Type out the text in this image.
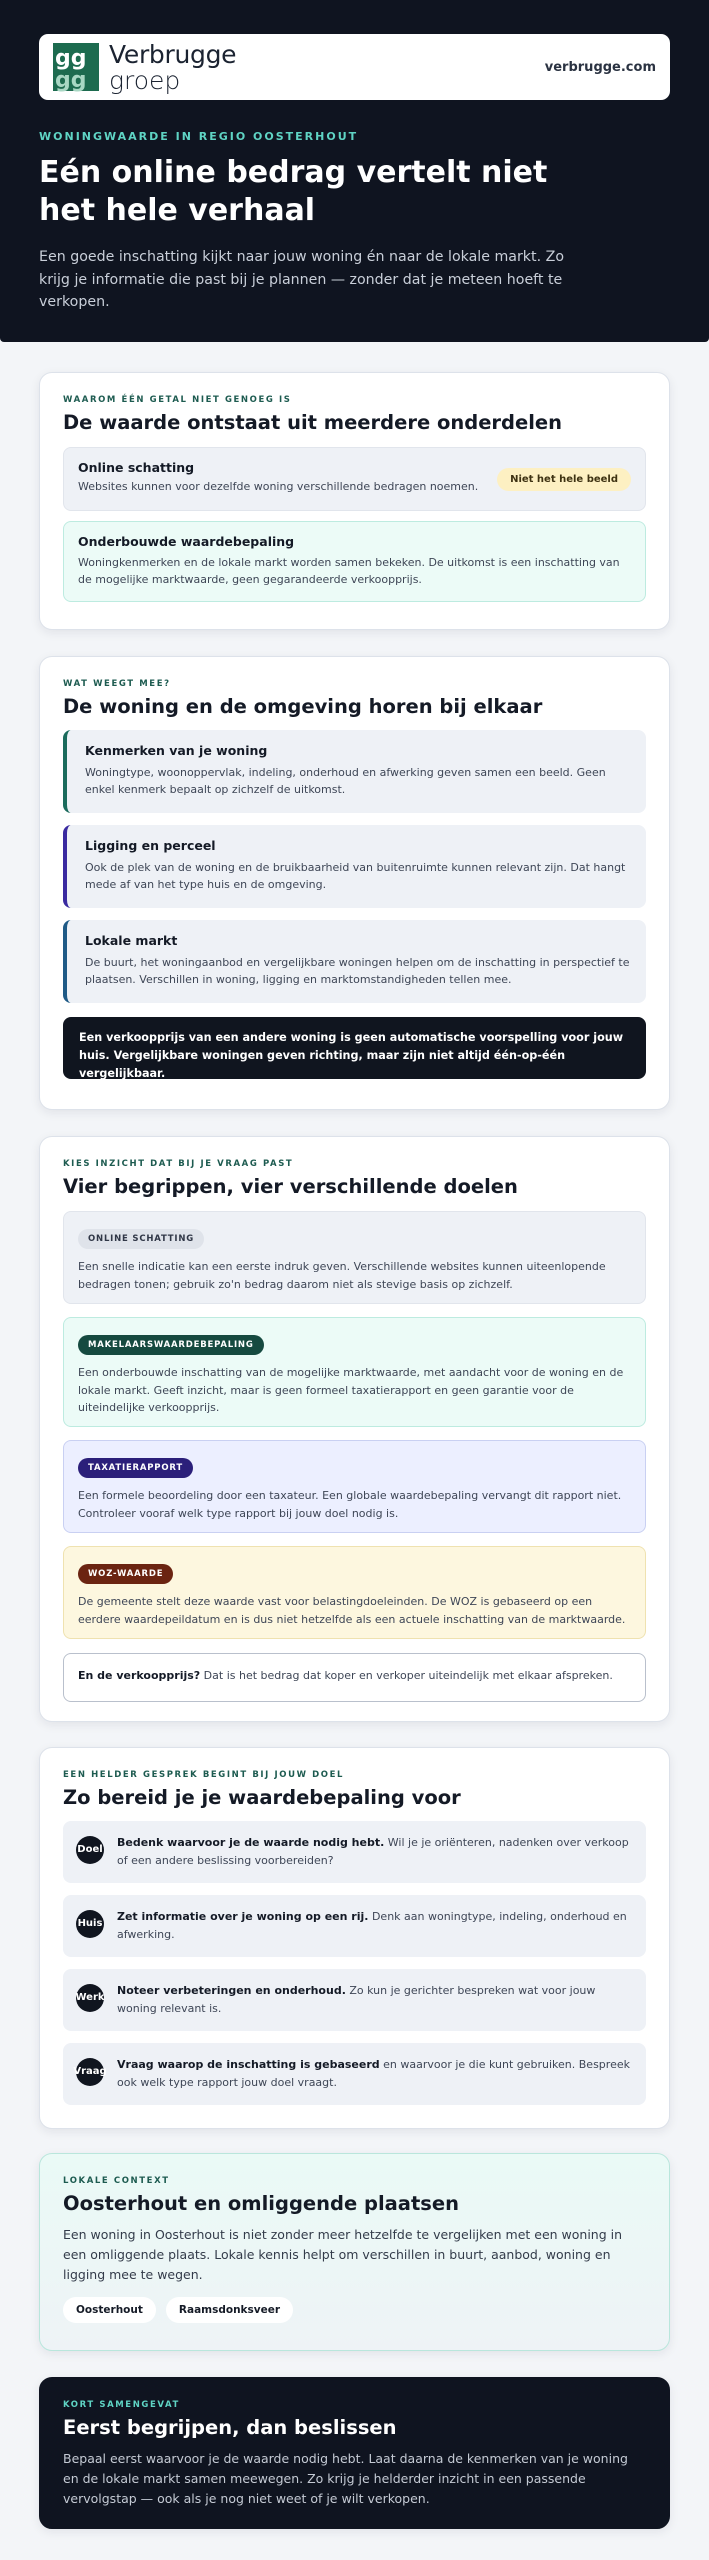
gg
gg
Verbrugge
groep	verbrugge.com
WONINGWAARDE IN REGIO OOSTERHOUT
Eén online bedrag vertelt niet het hele verhaal

Een goede inschatting kijkt naar jouw woning én naar de lokale markt. Zo krijg je informatie die past bij je plannen — zonder dat je meteen hoeft te verkopen.

WAAROM ÉÉN GETAL NIET GENOEG IS
De waarde ontstaat uit meerdere onderdelen
Online schatting
Websites kunnen voor dezelfde woning verschillende bedragen noemen.
Niet het hele beeld
Onderbouwde waardebepaling
Woningkenmerken en de lokale markt worden samen bekeken. De uitkomst is een inschatting van de mogelijke marktwaarde, geen gegarandeerde verkoopprijs.
WAT WEEGT MEE?
De woning en de omgeving horen bij elkaar
Kenmerken van je woning
Woningtype, woonoppervlak, indeling, onderhoud en afwerking geven samen een beeld. Geen enkel kenmerk bepaalt op zichzelf de uitkomst.
Ligging en perceel
Ook de plek van de woning en de bruikbaarheid van buitenruimte kunnen relevant zijn. Dat hangt mede af van het type huis en de omgeving.
Lokale markt
De buurt, het woningaanbod en vergelijkbare woningen helpen om de inschatting in perspectief te plaatsen. Verschillen in woning, ligging en marktomstandigheden tellen mee.
Een verkoopprijs van een andere woning is geen automatische voorspelling voor jouw huis. Vergelijkbare woningen geven richting, maar zijn niet altijd één-op-één vergelijkbaar.
KIES INZICHT DAT BIJ JE VRAAG PAST
Vier begrippen, vier verschillende doelen
ONLINE SCHATTING
Een snelle indicatie kan een eerste indruk geven. Verschillende websites kunnen uiteenlopende bedragen tonen; gebruik zo'n bedrag daarom niet als stevige basis op zichzelf.
MAKELAARSWAARDEBEPALING
Een onderbouwde inschatting van de mogelijke marktwaarde, met aandacht voor de woning en de lokale markt. Geeft inzicht, maar is geen formeel taxatierapport en geen garantie voor de uiteindelijke verkoopprijs.
TAXATIERAPPORT
Een formele beoordeling door een taxateur. Een globale waardebepaling vervangt dit rapport niet. Controleer vooraf welk type rapport bij jouw doel nodig is.
WOZ-WAARDE
De gemeente stelt deze waarde vast voor belastingdoeleinden. De WOZ is gebaseerd op een eerdere waardepeildatum en is dus niet hetzelfde als een actuele inschatting van de marktwaarde.
En de verkoopprijs? Dat is het bedrag dat koper en verkoper uiteindelijk met elkaar afspreken.
EEN HELDER GESPREK BEGINT BIJ JOUW DOEL
Zo bereid je je waardebepaling voor
Doel
Bedenk waarvoor je de waarde nodig hebt. Wil je je oriënteren, nadenken over verkoop of een andere beslissing voorbereiden?
Huis
Zet informatie over je woning op een rij. Denk aan woningtype, indeling, onderhoud en afwerking.
Werk
Noteer verbeteringen en onderhoud. Zo kun je gerichter bespreken wat voor jouw woning relevant is.
Vraag
Vraag waarop de inschatting is gebaseerd en waarvoor je die kunt gebruiken. Bespreek ook welk type rapport jouw doel vraagt.
LOKALE CONTEXT
Oosterhout en omliggende plaatsen

Een woning in Oosterhout is niet zonder meer hetzelfde te vergelijken met een woning in een omliggende plaats. Lokale kennis helpt om verschillen in buurt, aanbod, woning en ligging mee te wegen.

Oosterhout	Raamsdonksveer
KORT SAMENGEVAT
Eerst begrijpen, dan beslissen

Bepaal eerst waarvoor je de waarde nodig hebt. Laat daarna de kenmerken van je woning en de lokale markt samen meewegen. Zo krijg je helderder inzicht in een passende vervolgstap — ook als je nog niet weet of je wilt verkopen.
